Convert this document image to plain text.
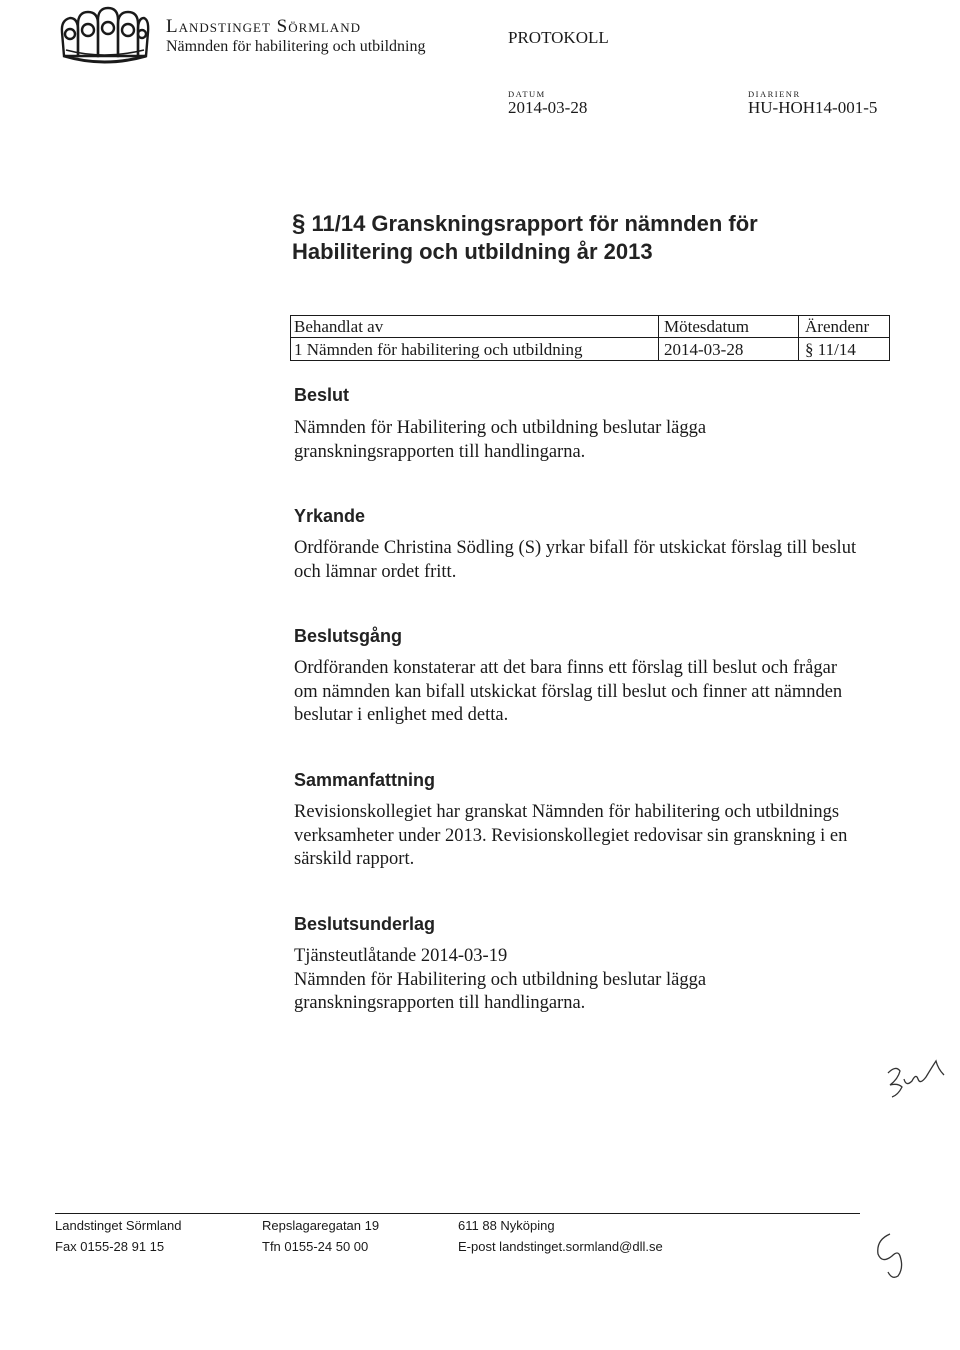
Landstinget Sörmland
Nämnden för habilitering och utbildning	PROTOKOLL
DATUM
2014-03-28
DIARIENR
HU-HOH14-001-5
§ 11/14 Granskningsrapport för nämnden för
Habilitering och utbildning år 2013
Behandlat av	Mötesdatum	Ärendenr
1 Nämnden för habilitering och utbildning	2014-03-28	§ 11/14
Beslut
Nämnden för Habilitering och utbildning beslutar lägga
granskningsrapporten till handlingarna.
Yrkande
Ordförande Christina Södling (S) yrkar bifall för utskickat förslag till beslut
och lämnar ordet fritt.
Beslutsgång
Ordföranden konstaterar att det bara finns ett förslag till beslut och frågar
om nämnden kan bifall utskickat förslag till beslut och finner att nämnden
beslutar i enlighet med detta.
Sammanfattning
Revisionskollegiet har granskat Nämnden för habilitering och utbildnings
verksamheter under 2013. Revisionskollegiet redovisar sin granskning i en
särskild rapport.
Beslutsunderlag
Tjänsteutlåtande 2014-03-19
Nämnden för Habilitering och utbildning beslutar lägga
granskningsrapporten till handlingarna.
Landstinget Sörmland
Fax 0155-28 91 15
Repslagaregatan 19
Tfn 0155-24 50 00
611 88 Nyköping
E-post landstinget.sormland@dll.se
